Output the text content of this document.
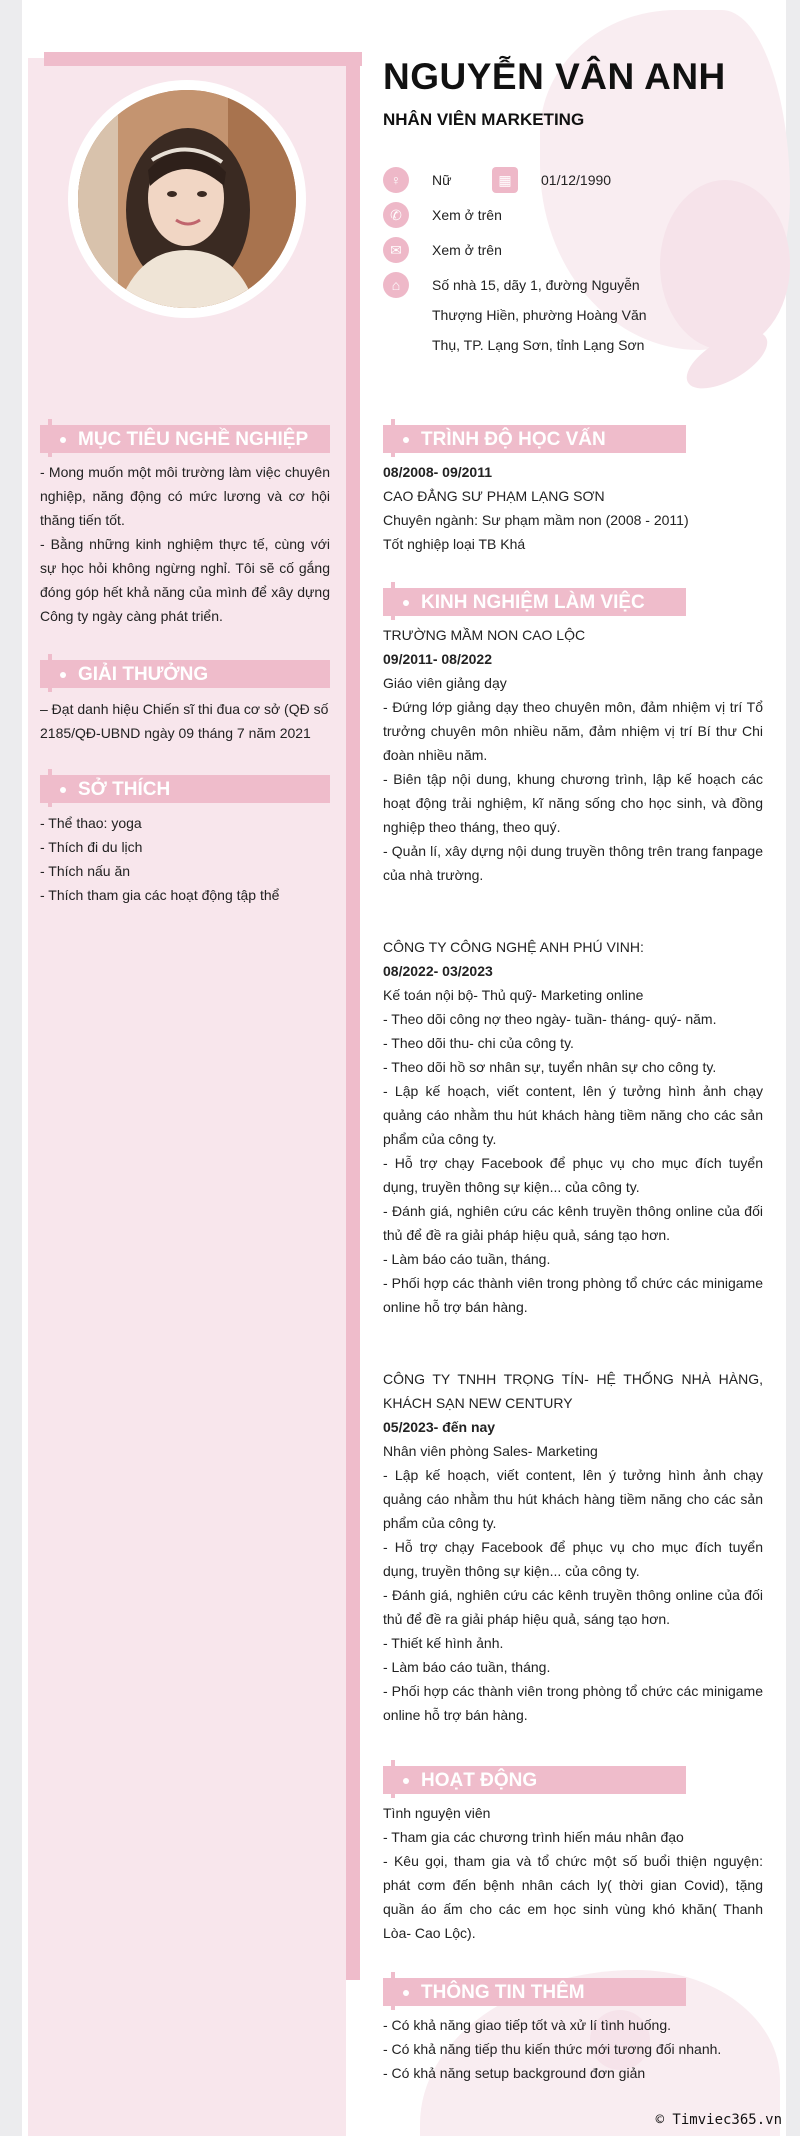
NGUYỄN VÂN ANH
NHÂN VIÊN MARKETING
♀	Nữ	▦	01/12/1990
✆	Xem ở trên
✉	Xem ở trên
⌂	Số nhà 15, dãy 1, đường Nguyễn
Thượng Hiền, phường Hoàng Văn
Thụ, TP. Lạng Sơn, tỉnh Lạng Sơn
MỤC TIÊU NGHỀ NGHIỆP

- Mong muốn một môi trường làm việc chuyên nghiệp, năng động có mức lương và cơ hội thăng tiến tốt.

- Bằng những kinh nghiệm thực tế, cùng với sự học hỏi không ngừng nghỉ. Tôi sẽ cố gắng đóng góp hết khả năng của mình để xây dựng Công ty ngày càng phát triển.

GIẢI THƯỞNG
– Đạt danh hiệu Chiến sĩ thi đua cơ sở (QĐ số 2185/QĐ-UBND ngày 09 tháng 7 năm 2021
SỞ THÍCH

- Thể thao: yoga

- Thích đi du lịch

- Thích nấu ăn

- Thích tham gia các hoạt động tập thể

TRÌNH ĐỘ HỌC VẤN

08/2008- 09/2011

CAO ĐẲNG SƯ PHẠM LẠNG SƠN

Chuyên ngành: Sư phạm mầm non (2008 - 2011)

Tốt nghiệp loại TB Khá

KINH NGHIỆM LÀM VIỆC

TRƯỜNG MẦM NON CAO LỘC

09/2011- 08/2022

Giáo viên giảng dạy

- Đứng lớp giảng dạy theo chuyên môn, đảm nhiệm vị trí Tổ trưởng chuyên môn nhiều năm, đảm nhiệm vị trí Bí thư Chi đoàn nhiều năm.

- Biên tập nội dung, khung chương trình, lập kế hoạch các hoạt động trải nghiệm, kĩ năng sống cho học sinh, và đồng nghiệp theo tháng, theo quý.

- Quản lí, xây dựng nội dung truyền thông trên trang fanpage của nhà trường.

CÔNG TY CÔNG NGHỆ ANH PHÚ VINH:

08/2022- 03/2023

Kế toán nội bộ- Thủ quỹ- Marketing online

- Theo dõi công nợ theo ngày- tuần- tháng- quý- năm.

- Theo dõi thu- chi của công ty.

- Theo dõi hồ sơ nhân sự, tuyển nhân sự cho công ty.

- Lập kế hoạch, viết content, lên ý tưởng hình ảnh chạy quảng cáo nhằm thu hút khách hàng tiềm năng cho các sản phẩm của công ty.

- Hỗ trợ chạy Facebook để phục vụ cho mục đích tuyển dụng, truyền thông sự kiện... của công ty.

- Đánh giá, nghiên cứu các kênh truyền thông online của đối thủ để đề ra giải pháp hiệu quả, sáng tạo hơn.

- Làm báo cáo tuần, tháng.

- Phối hợp các thành viên trong phòng tổ chức các minigame online hỗ trợ bán hàng.

CÔNG TY TNHH TRỌNG TÍN- HỆ THỐNG NHÀ HÀNG, KHÁCH SẠN NEW CENTURY

05/2023- đến nay

Nhân viên phòng Sales- Marketing

- Lập kế hoạch, viết content, lên ý tưởng hình ảnh chạy quảng cáo nhằm thu hút khách hàng tiềm năng cho các sản phẩm của công ty.

- Hỗ trợ chạy Facebook để phục vụ cho mục đích tuyển dụng, truyền thông sự kiện... của công ty.

- Đánh giá, nghiên cứu các kênh truyền thông online của đối thủ để đề ra giải pháp hiệu quả, sáng tạo hơn.

- Thiết kế hình ảnh.

- Làm báo cáo tuần, tháng.

- Phối hợp các thành viên trong phòng tổ chức các minigame online hỗ trợ bán hàng.

HOẠT ĐỘNG

Tình nguyện viên

- Tham gia các chương trình hiến máu nhân đạo

- Kêu gọi, tham gia và tổ chức một số buổi thiện nguyện: phát cơm đến bệnh nhân cách ly( thời gian Covid), tặng quần áo ấm cho các em học sinh vùng khó khăn( Thanh Lòa- Cao Lộc).

THÔNG TIN THÊM

- Có khả năng giao tiếp tốt và xử lí tình huống.

- Có khả năng tiếp thu kiến thức mới tương đối nhanh.

- Có khả năng setup background đơn giản

© Timviec365.vn
